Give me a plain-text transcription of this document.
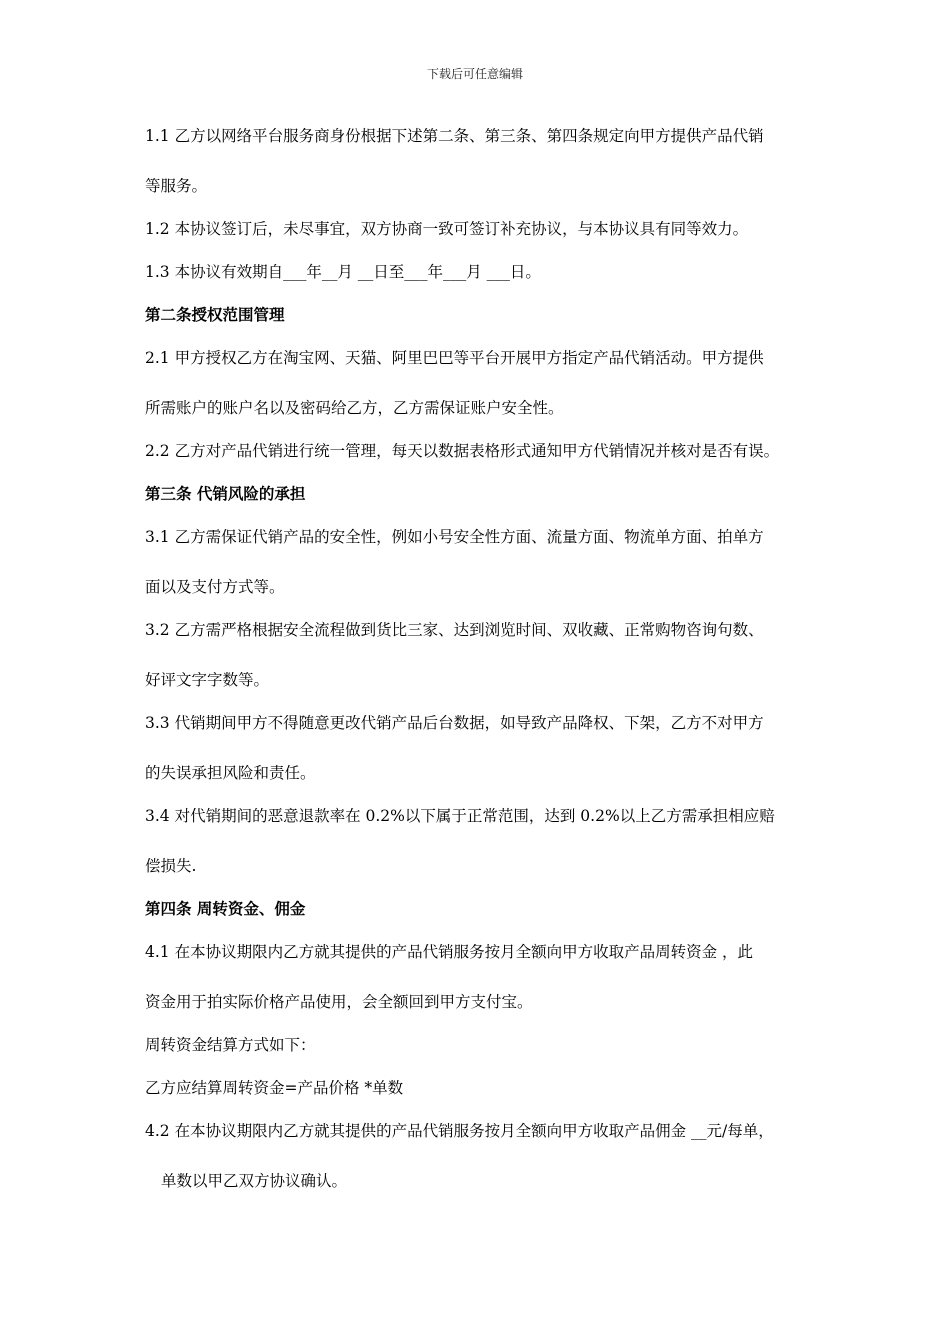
下载后可任意编辑
1.1 乙方以网络平台服务商身份根据下述第二条、第三条、第四条规定向甲方提供产品代销
等服务。
1.2 本协议签订后，未尽事宜，双方协商一致可签订补充协议，与本协议具有同等效力。
1.3 本协议有效期自___年__月 __日至___年___月 ___日。
第二条授权范围管理
2.1 甲方授权乙方在淘宝网、天猫、阿里巴巴等平台开展甲方指定产品代销活动。甲方提供
所需账户的账户名以及密码给乙方，乙方需保证账户安全性。
2.2 乙方对产品代销进行统一管理，每天以数据表格形式通知甲方代销情况并核对是否有误。
第三条 代销风险的承担
3.1 乙方需保证代销产品的安全性，例如小号安全性方面、流量方面、物流单方面、拍单方
面以及支付方式等。
3.2 乙方需严格根据安全流程做到货比三家、达到浏览时间、双收藏、正常购物咨询句数、
好评文字字数等。
3.3 代销期间甲方不得随意更改代销产品后台数据，如导致产品降权、下架，乙方不对甲方
的失误承担风险和责任。
3.4 对代销期间的恶意退款率在 0.2%以下属于正常范围，达到 0.2%以上乙方需承担相应赔
偿损失.
第四条 周转资金、佣金
4.1 在本协议期限内乙方就其提供的产品代销服务按月全额向甲方收取产品周转资金 ，此
资金用于拍实际价格产品使用，会全额回到甲方支付宝。
周转资金结算方式如下：
乙方应结算周转资金=产品价格 *单数
4.2 在本协议期限内乙方就其提供的产品代销服务按月全额向甲方收取产品佣金 __元/每单，
单数以甲乙双方协议确认。
